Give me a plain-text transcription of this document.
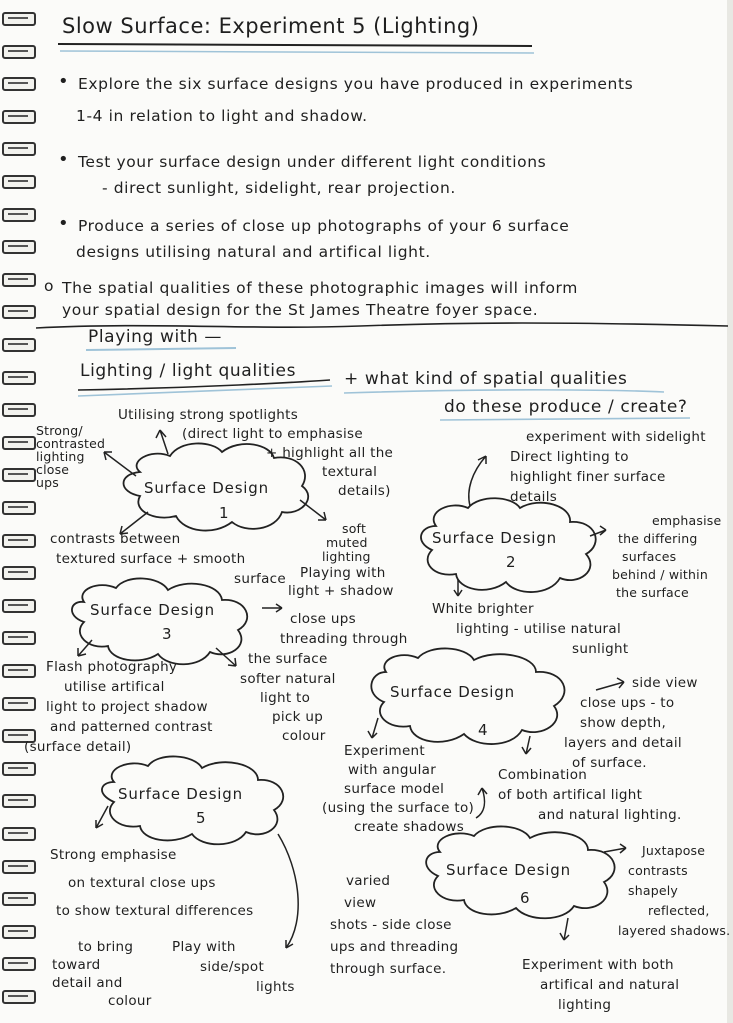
Slow Surface: Experiment 5 (Lighting)
• Explore the six surface designs you have produced in experiments
1-4 in relation to light and shadow.
• Test your surface design under different light conditions
- direct sunlight, sidelight, rear projection.
• Produce a series of close up photographs of your 6 surface
designs utilising natural and artifical light.
o The spatial qualities of these photographic images will inform
your spatial design for the St James Theatre foyer space.
Playing with —
Lighting / light qualities	+ what kind of spatial qualities
do these produce / create?
Surface Design
1
Surface Design
2
Surface Design
3
Surface Design
4
Surface Design
5
Surface Design
6
Strong/
contrasted
lighting
close
ups
Utilising strong spotlights
(direct light to emphasise
+ highlight all the
textural
details)
contrasts between
textured surface + smooth
surface
soft
muted
lighting
Playing with
light + shadow
experiment with sidelight
Direct lighting to
highlight finer surface
details
emphasise
the differing
surfaces
behind / within
the surface
White brighter
lighting - utilise natural
sunlight
close ups
threading through
the surface
Flash photography
utilise artifical
light to project shadow
and patterned contrast
(surface detail)
softer natural
light to
pick up
colour
side view
close ups - to
show depth,
layers and detail
of surface.
Experiment
with angular
surface model
(using the surface to)
create shadows
Combination
of both artifical light
and natural lighting.
Strong emphasise
on textural close ups
to show textural differences
to bring
toward
detail and
colour
Play with
side/spot
lights
varied
view
shots - side close
ups and threading
through surface.
Juxtapose
contrasts
shapely
reflected,
layered shadows.
Experiment with both
artifical and natural
lighting
